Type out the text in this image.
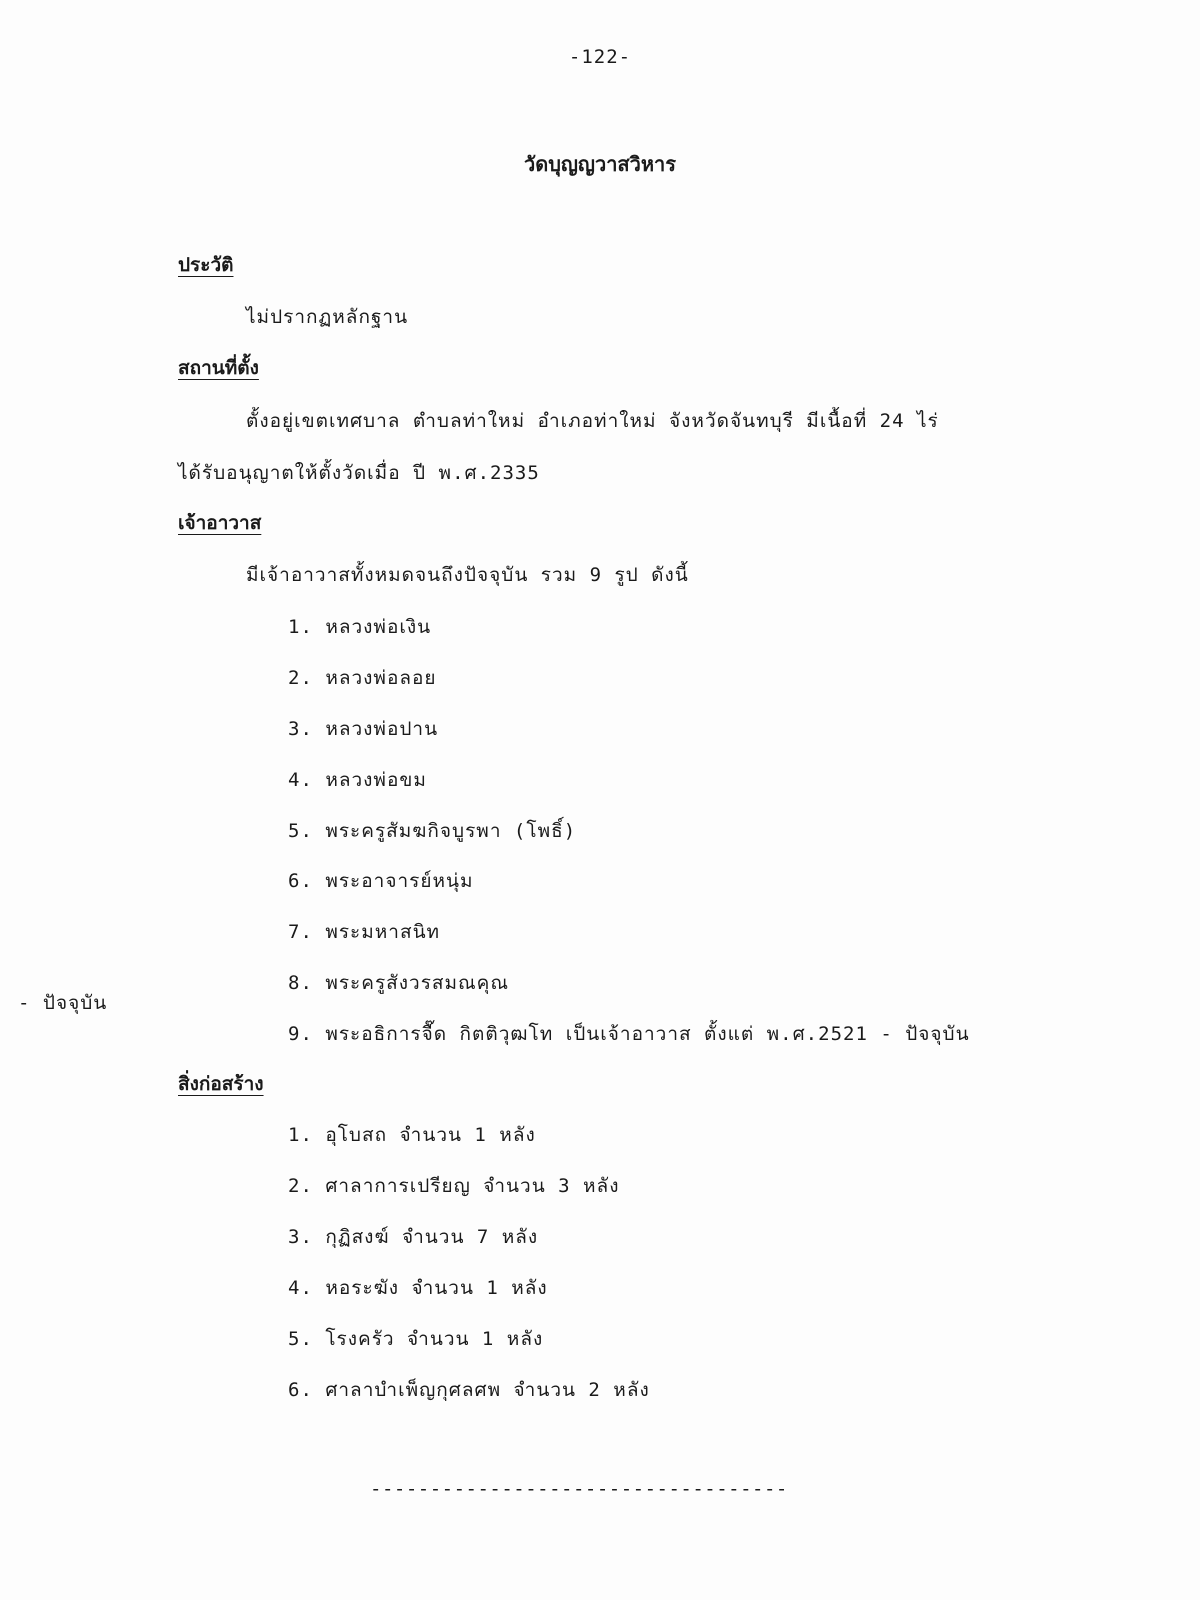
-122-
วัดบุญญวาสวิหาร
ประวัติ
ไม่ปรากฏหลักฐาน
สถานที่ตั้ง
ตั้งอยู่เขตเทศบาล ตำบลท่าใหม่ อำเภอท่าใหม่ จังหวัดจันทบุรี มีเนื้อที่ 24 ไร่
ได้รับอนุญาตให้ตั้งวัดเมื่อ ปี พ.ศ.2335
เจ้าอาวาส
มีเจ้าอาวาสทั้งหมดจนถึงปัจจุบัน รวม 9 รูป ดังนี้
1. หลวงพ่อเงิน
2. หลวงพ่อลอย
3. หลวงพ่อปาน
4. หลวงพ่อขม
5. พระครูสัมฆกิจบูรพา (โพธิ์)
6. พระอาจารย์หนุ่ม
7. พระมหาสนิท
8. พระครูสังวรสมณคุณ
9. พระอธิการจื๊ด กิตติวุฒโท เป็นเจ้าอาวาส ตั้งแต่ พ.ศ.2521 - ปัจจุบัน
- ปัจจุบัน
สิ่งก่อสร้าง
1. อุโบสถ จำนวน 1 หลัง
2. ศาลาการเปรียญ จำนวน 3 หลัง
3. กุฏิสงฆ์ จำนวน 7 หลัง
4. หอระฆัง จำนวน 1 หลัง
5. โรงครัว จำนวน 1 หลัง
6. ศาลาบำเพ็ญกุศลศพ จำนวน 2 หลัง
-----------------------------------
